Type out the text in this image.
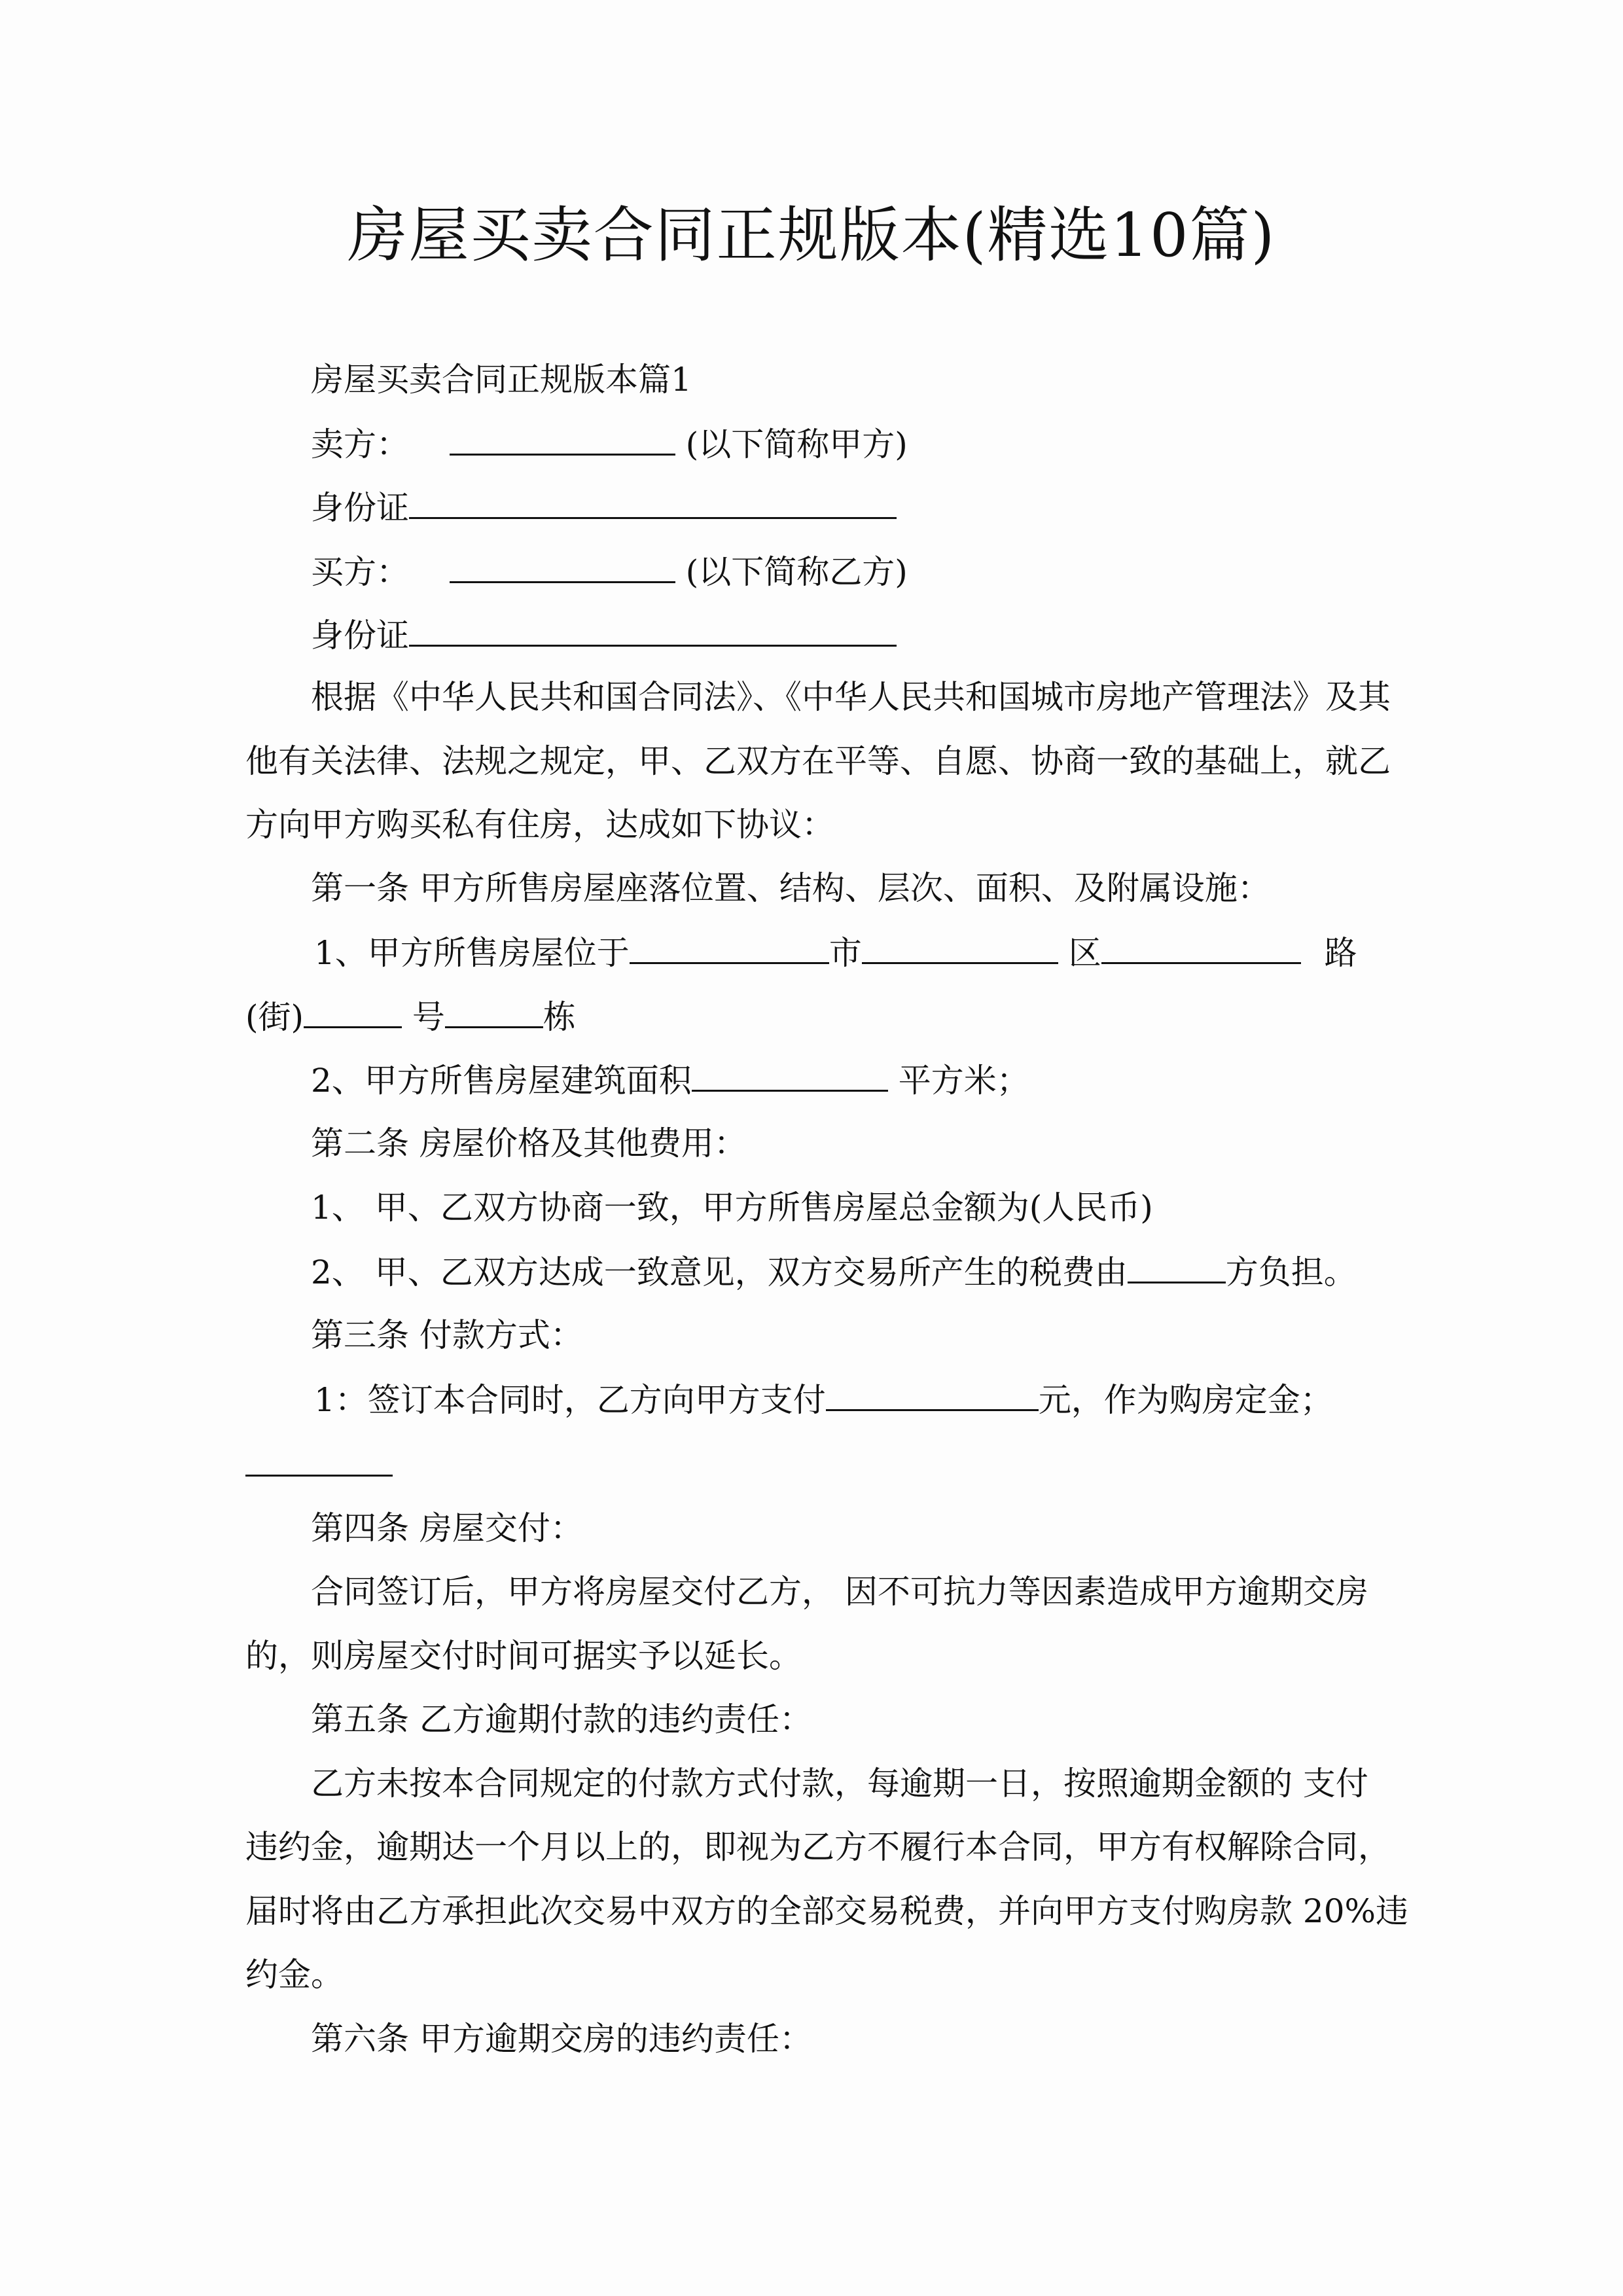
房屋买卖合同正规版本(精选10篇)
房屋买卖合同正规版本篇1
卖方：	(以下简称甲方)
身份证
买方：	(以下简称乙方)
身份证
根据《中华人民共和国合同法》、《中华人民共和国城市房地产管理法》及其
他有关法律、法规之规定，甲、乙双方在平等、自愿、协商一致的基础上，就乙
方向甲方购买私有住房，达成如下协议：
第一条 甲方所售房屋座落位置、结构、层次、面积、及附属设施：
1、甲方所售房屋位于	市	区	路
(街)	号	栋
2、甲方所售房屋建筑面积	平方米；
第二条 房屋价格及其他费用：
1、 甲、乙双方协商一致，甲方所售房屋总金额为(人民币)
2、 甲、乙双方达成一致意见，双方交易所产生的税费由	方负担。
第三条 付款方式：
1：签订本合同时，乙方向甲方支付	元，作为购房定金；
第四条 房屋交付：
合同签订后，甲方将房屋交付乙方， 因不可抗力等因素造成甲方逾期交房
的，则房屋交付时间可据实予以延长。
第五条 乙方逾期付款的违约责任：
乙方未按本合同规定的付款方式付款，每逾期一日，按照逾期金额的 支付
违约金，逾期达一个月以上的，即视为乙方不履行本合同，甲方有权解除合同，
届时将由乙方承担此次交易中双方的全部交易税费，并向甲方支付购房款 20%违
约金。
第六条 甲方逾期交房的违约责任：
